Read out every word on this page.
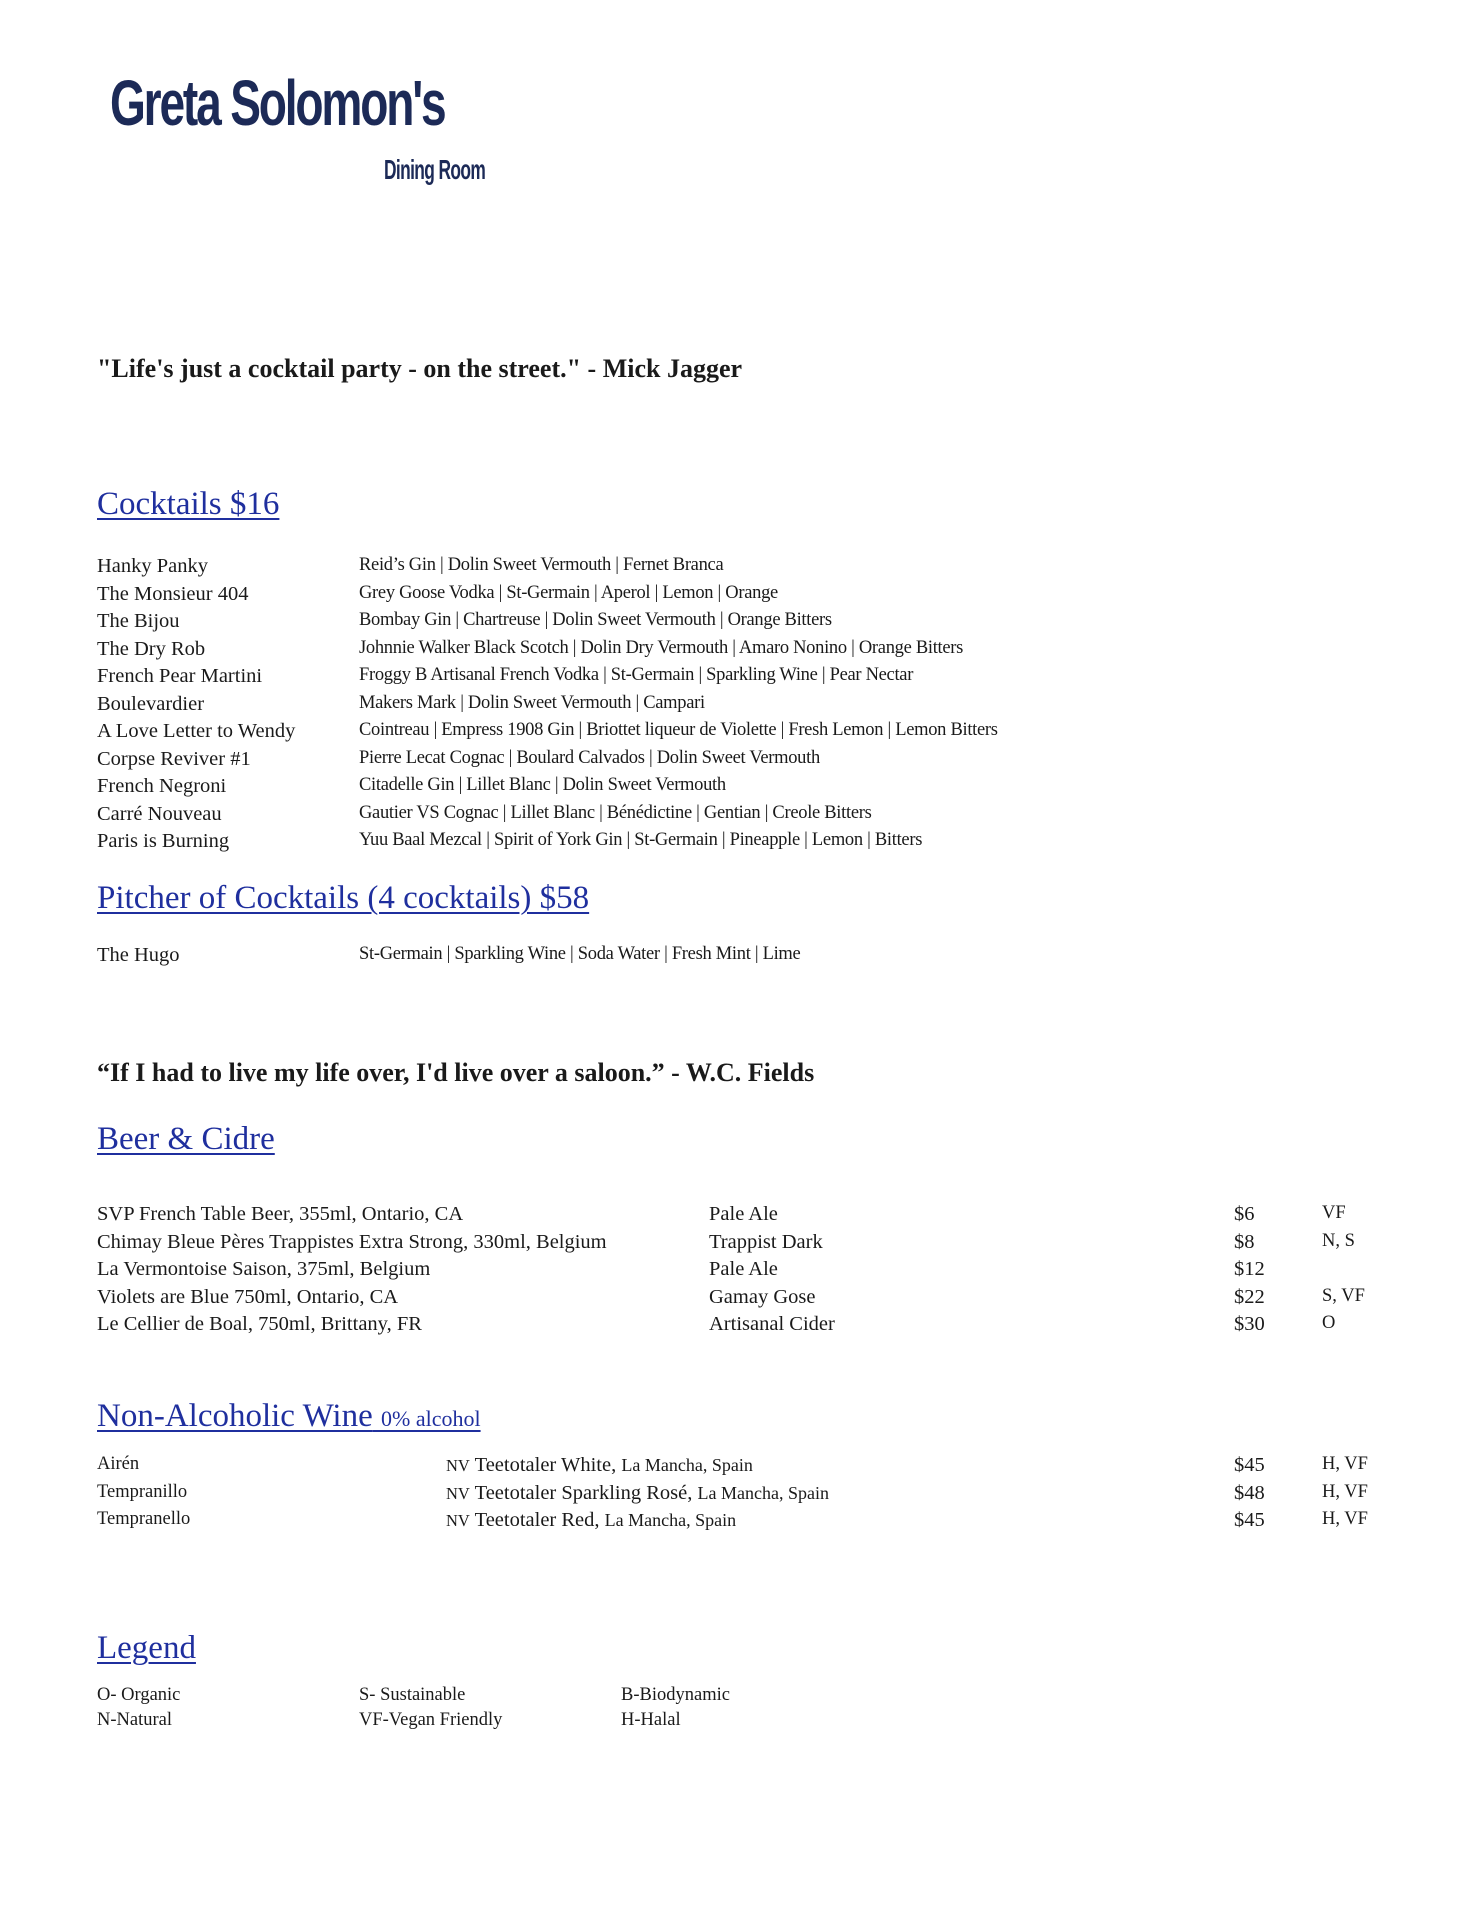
Greta Solomon's
Dining Room
"Life's just a cocktail party - on the street." - Mick Jagger
Cocktails $16
Hanky Panky	Reid’s Gin | Dolin Sweet Vermouth | Fernet Branca
The Monsieur 404	Grey Goose Vodka | St-Germain | Aperol | Lemon | Orange
The Bijou	Bombay Gin | Chartreuse | Dolin Sweet Vermouth | Orange Bitters
The Dry Rob	Johnnie Walker Black Scotch | Dolin Dry Vermouth | Amaro Nonino | Orange Bitters
French Pear Martini	Froggy B Artisanal French Vodka | St-Germain | Sparkling Wine | Pear Nectar
Boulevardier	Makers Mark | Dolin Sweet Vermouth | Campari
A Love Letter to Wendy	Cointreau | Empress 1908 Gin | Briottet liqueur de Violette | Fresh Lemon | Lemon Bitters
Corpse Reviver #1	Pierre Lecat Cognac | Boulard Calvados | Dolin Sweet Vermouth
French Negroni	Citadelle Gin | Lillet Blanc | Dolin Sweet Vermouth
Carré Nouveau	Gautier VS Cognac | Lillet Blanc | Bénédictine | Gentian | Creole Bitters
Paris is Burning	Yuu Baal Mezcal | Spirit of York Gin | St-Germain | Pineapple | Lemon | Bitters
Pitcher of Cocktails (4 cocktails) $58
The Hugo	St-Germain | Sparkling Wine | Soda Water | Fresh Mint | Lime
“If I had to live my life over, I'd live over a saloon.” - W.C. Fields
Beer & Cidre
SVP French Table Beer, 355ml, Ontario, CA	Pale Ale	$6	VF
Chimay Bleue Pères Trappistes Extra Strong, 330ml, Belgium	Trappist Dark	$8	N, S
La Vermontoise Saison, 375ml, Belgium	Pale Ale	$12
Violets are Blue 750ml, Ontario, CA	Gamay Gose	$22	S, VF
Le Cellier de Boal, 750ml, Brittany, FR	Artisanal Cider	$30	O
Non-Alcoholic Wine 0% alcohol
Airén	NV Teetotaler White, La Mancha, Spain	$45	H, VF
Tempranillo	NV Teetotaler Sparkling Rosé, La Mancha, Spain	$48	H, VF
Tempranello	NV Teetotaler Red, La Mancha, Spain	$45	H, VF
Legend
O- Organic	S- Sustainable	B-Biodynamic
N-Natural	VF-Vegan Friendly	H-Halal
